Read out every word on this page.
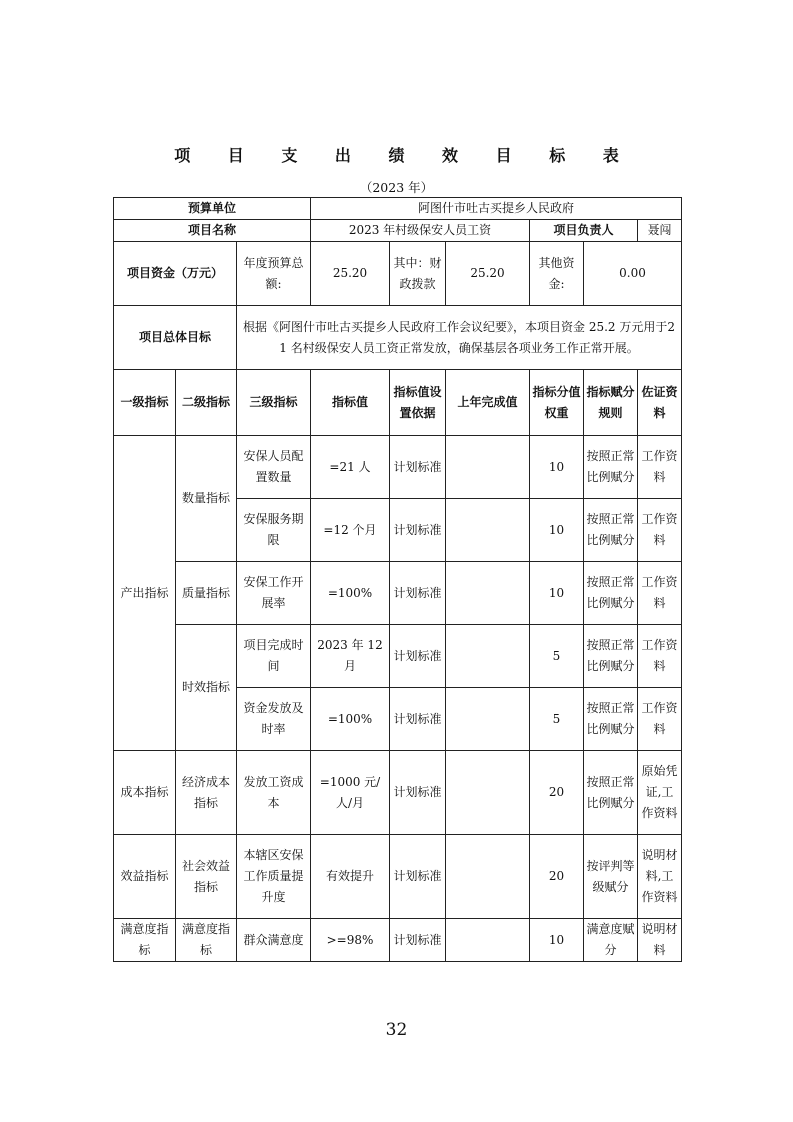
项 目 支 出 绩 效 目 标 表
（2023 年）
预算单位			阿图什市吐古买提乡人民政府					
项目名称			2023 年村级保安人员工资			项目负责人		聂闯
项目资金（万元）		年度预算总额:	25.20	其中：财政拨款	25.20	其他资金:	0.00	
项目总体目标		根据《阿图什市吐古买提乡人民政府工作会议纪要》，本项目资金 25.2 万元用于21 名村级保安人员工资正常发放，确保基层各项业务工作正常开展。						
一级指标	二级指标	三级指标	指标值	指标值设置依据	上年完成值	指标分值权重	指标赋分规则	佐证资料
产出指标	数量指标	安保人员配置数量	=21 人	计划标准		10	按照正常比例赋分	工作资料
		安保服务期限	=12 个月	计划标准		10	按照正常比例赋分	工作资料
	质量指标	安保工作开展率	=100%	计划标准		10	按照正常比例赋分	工作资料
	时效指标	项目完成时间	2023 年 12 月	计划标准		5	按照正常比例赋分	工作资料
		资金发放及时率	=100%	计划标准		5	按照正常比例赋分	工作资料
成本指标	经济成本指标	发放工资成本	=1000 元/人/月	计划标准		20	按照正常比例赋分	原始凭证,工作资料
效益指标	社会效益指标	本辖区安保工作质量提升度	有效提升	计划标准		20	按评判等级赋分	说明材料,工作资料
满意度指标	满意度指标	群众满意度	>=98%	计划标准		10	满意度赋分	说明材料
32
